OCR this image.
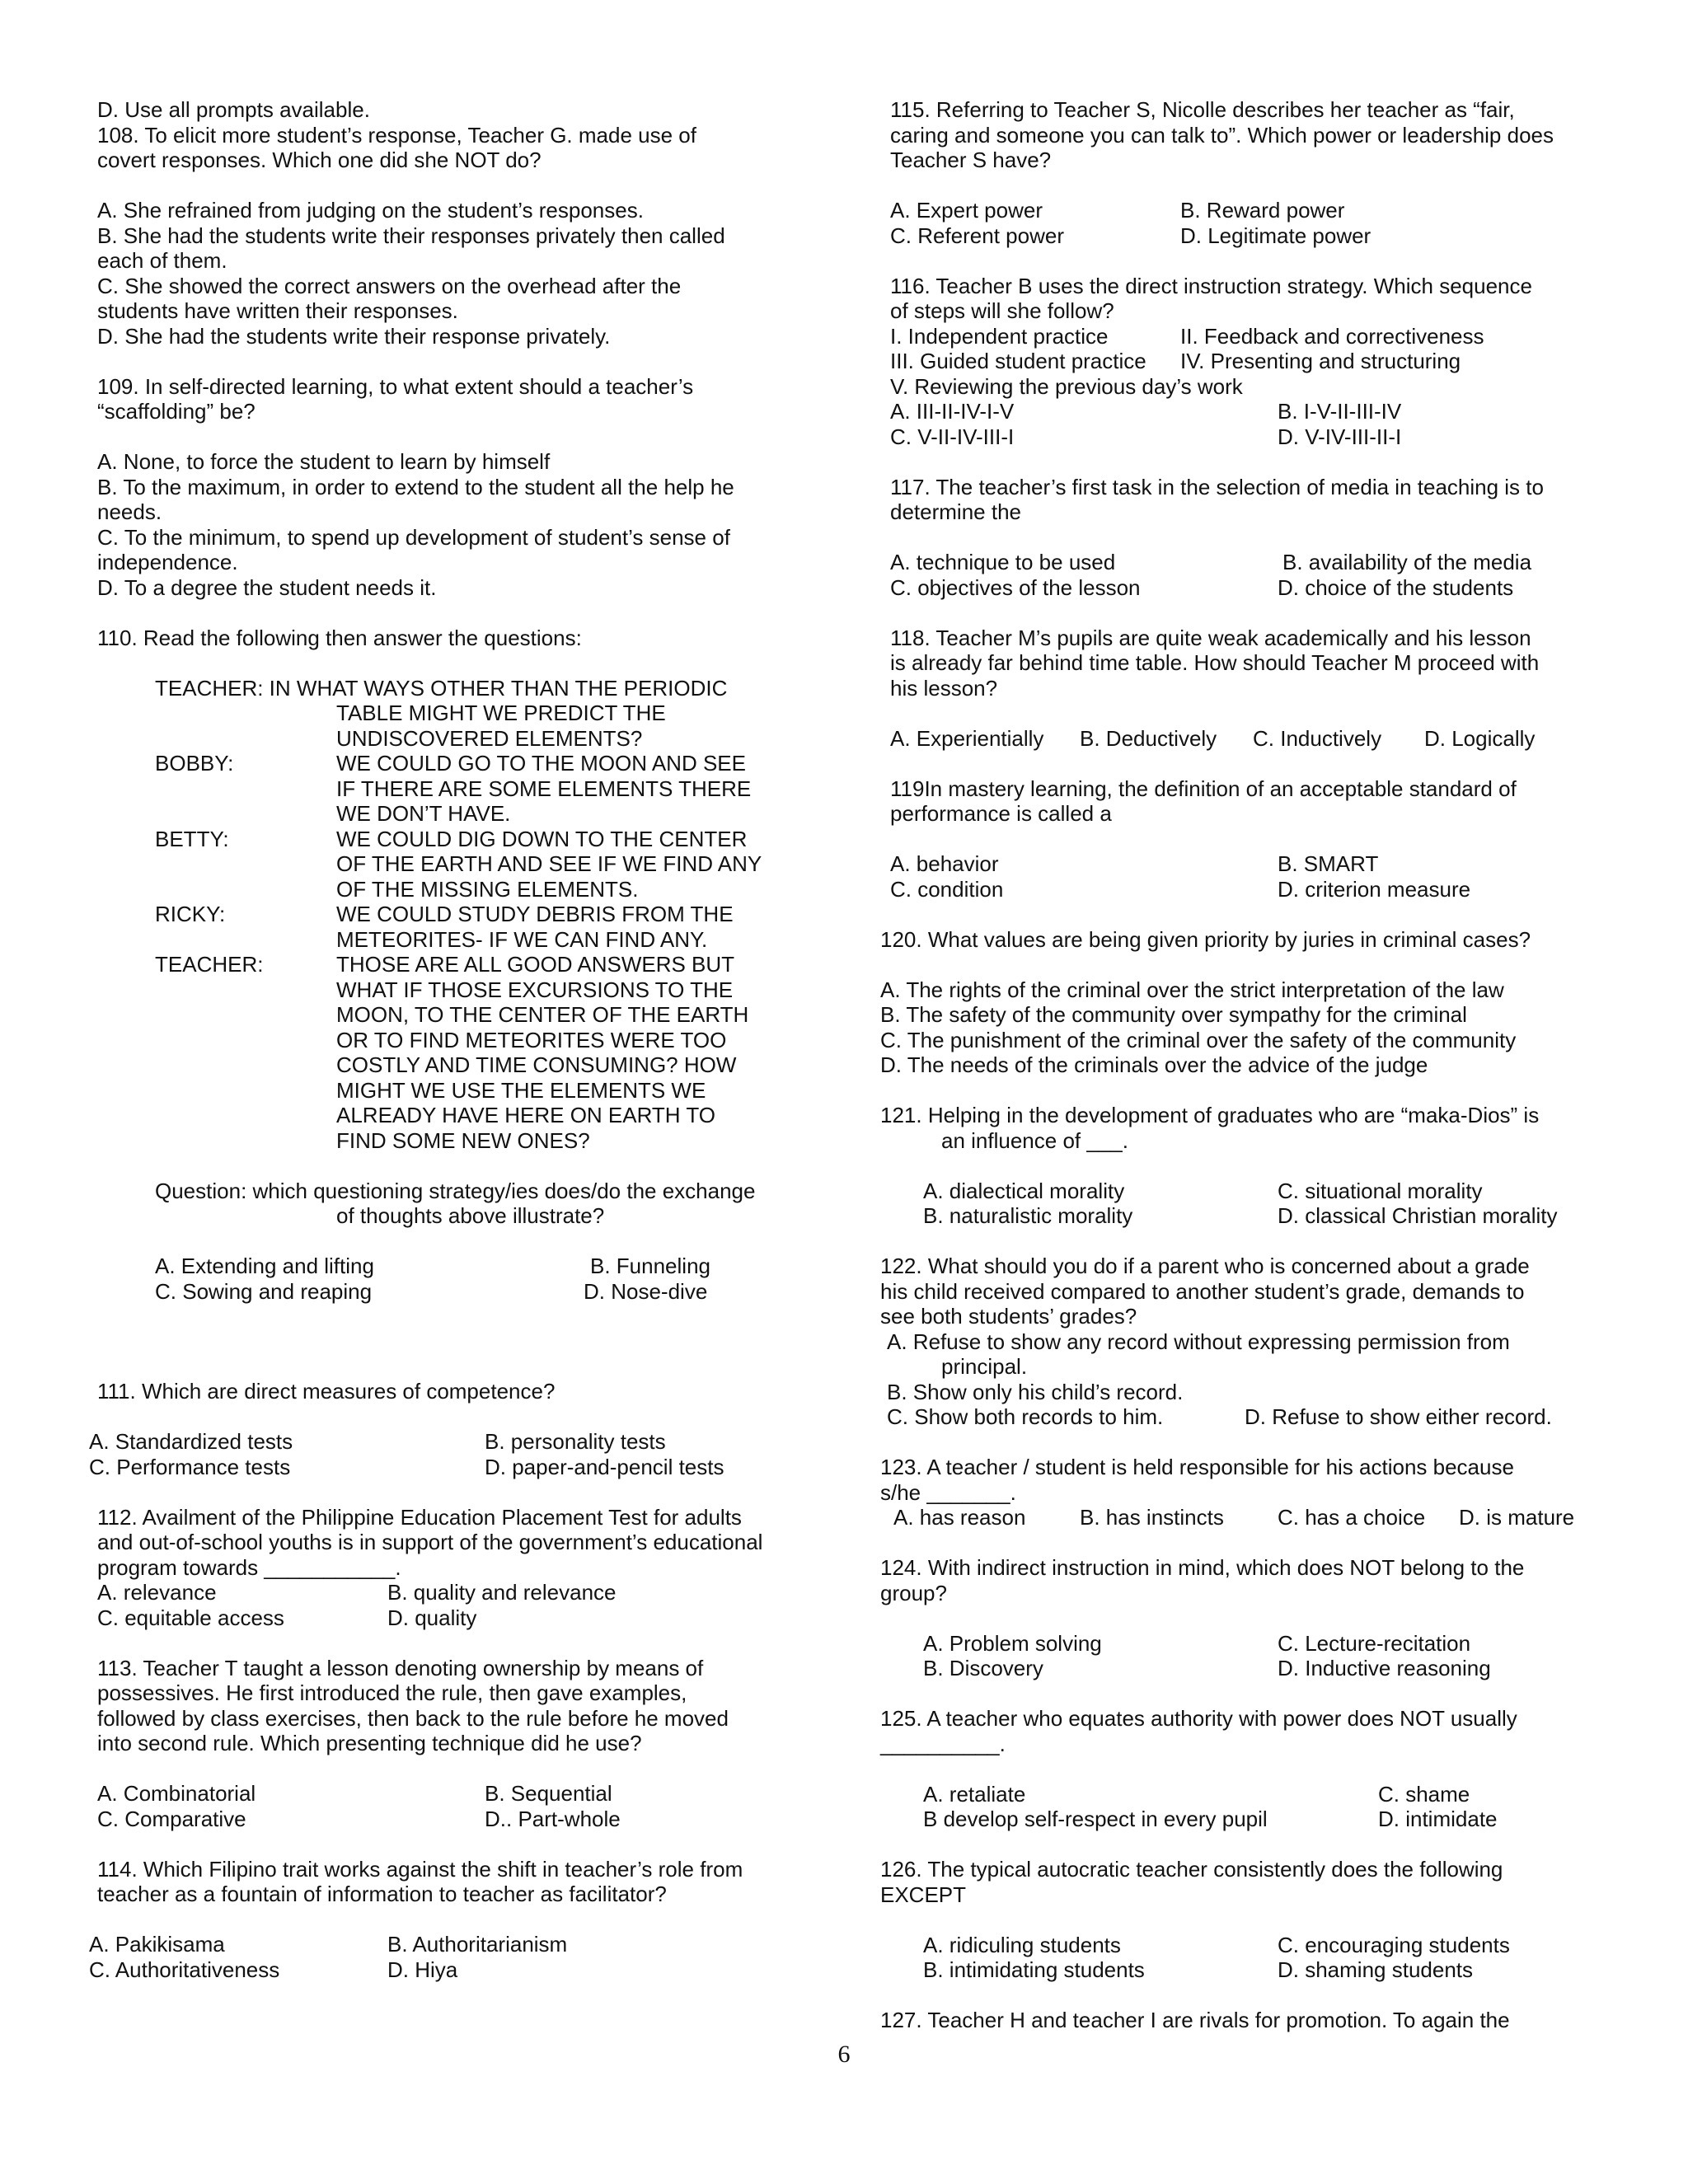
D. Use all prompts available.
108. To elicit more student’s response, Teacher G. made use of
covert responses. Which one did she NOT do?
A. She refrained from judging on the student’s responses.
B. She had the students write their responses privately then called
each of them.
C. She showed the correct answers on the overhead after the
students have written their responses.
D. She had the students write their response privately.
109. In self-directed learning, to what extent should a teacher’s
“scaffolding” be?
A. None, to force the student to learn by himself
B. To the maximum, in order to extend to the student all the help he
needs.
C. To the minimum, to spend up development of student’s sense of
independence.
D. To a degree the student needs it.
110. Read the following then answer the questions:
TEACHER: IN WHAT WAYS OTHER THAN THE PERIODIC
TABLE MIGHT WE PREDICT THE
UNDISCOVERED ELEMENTS?
BOBBY:	WE COULD GO TO THE MOON AND SEE
IF THERE ARE SOME ELEMENTS THERE
WE DON’T HAVE.
BETTY:	WE COULD DIG DOWN TO THE CENTER
OF THE EARTH AND SEE IF WE FIND ANY
OF THE MISSING ELEMENTS.
RICKY:	WE COULD STUDY DEBRIS FROM THE
METEORITES- IF WE CAN FIND ANY.
TEACHER:	THOSE ARE ALL GOOD ANSWERS BUT
WHAT IF THOSE EXCURSIONS TO THE
MOON, TO THE CENTER OF THE EARTH
OR TO FIND METEORITES WERE TOO
COSTLY AND TIME CONSUMING? HOW
MIGHT WE USE THE ELEMENTS WE
ALREADY HAVE HERE ON EARTH TO
FIND SOME NEW ONES?
Question: which questioning strategy/ies does/do the exchange
of thoughts above illustrate?
A. Extending and lifting	B. Funneling
C. Sowing and reaping	D. Nose-dive
111. Which are direct measures of competence?
A. Standardized tests	B. personality tests
C. Performance tests	D. paper-and-pencil tests
112. Availment of the Philippine Education Placement Test for adults
and out-of-school youths is in support of the government’s educational
program towards ___________.
A. relevance	B. quality and relevance
C. equitable access	D. quality
113. Teacher T taught a lesson denoting ownership by means of
possessives. He first introduced the rule, then gave examples,
followed by class exercises, then back to the rule before he moved
into second rule. Which presenting technique did he use?
A. Combinatorial	B. Sequential
C. Comparative	D.. Part-whole
114. Which Filipino trait works against the shift in teacher’s role from
teacher as a fountain of information to teacher as facilitator?
A. Pakikisama	B. Authoritarianism
C. Authoritativeness	D. Hiya
115. Referring to Teacher S, Nicolle describes her teacher as “fair,
caring and someone you can talk to”. Which power or leadership does
Teacher S have?
A. Expert power	B. Reward power
C. Referent power	D. Legitimate power
116. Teacher B uses the direct instruction strategy. Which sequence
of steps will she follow?
I. Independent practice	II. Feedback and correctiveness
III. Guided student practice IV. Presenting and structuring
V. Reviewing the previous day’s work
A. III-II-IV-I-V	B. I-V-II-III-IV
C. V-II-IV-III-I	D. V-IV-III-II-I
117. The teacher’s first task in the selection of media in teaching is to
determine the
A. technique to be used	B. availability of the media
C. objectives of the lesson	D. choice of the students
118. Teacher M’s pupils are quite weak academically and his lesson
is already far behind time table. How should Teacher M proceed with
his lesson?
A. Experientially B. Deductively C. Inductively D. Logically
119In mastery learning, the definition of an acceptable standard of
performance is called a
A. behavior	B. SMART
C. condition	D. criterion measure
120. What values are being given priority by juries in criminal cases?
A. The rights of the criminal over the strict interpretation of the law
B. The safety of the community over sympathy for the criminal
C. The punishment of the criminal over the safety of the community
D. The needs of the criminals over the advice of the judge
121. Helping in the development of graduates who are “maka-Dios” is
an influence of ___.
A. dialectical morality	C. situational morality
B. naturalistic morality	D. classical Christian morality
122. What should you do if a parent who is concerned about a grade
his child received compared to another student’s grade, demands to
see both students’ grades?
A. Refuse to show any record without expressing permission from
principal.
B. Show only his child’s record.
C. Show both records to him.	D. Refuse to show either record.
123. A teacher / student is held responsible for his actions because
s/he _______.
A. has reason	B. has instincts	C. has a choice D. is mature
124. With indirect instruction in mind, which does NOT belong to the
group?
A. Problem solving	C. Lecture-recitation
B. Discovery	D. Inductive reasoning
125. A teacher who equates authority with power does NOT usually
__________.
A. retaliate	C. shame
B develop self-respect in every pupil	D. intimidate
126. The typical autocratic teacher consistently does the following
EXCEPT
A. ridiculing students	C. encouraging students
B. intimidating students	D. shaming students
127. Teacher H and teacher I are rivals for promotion. To again the
6
